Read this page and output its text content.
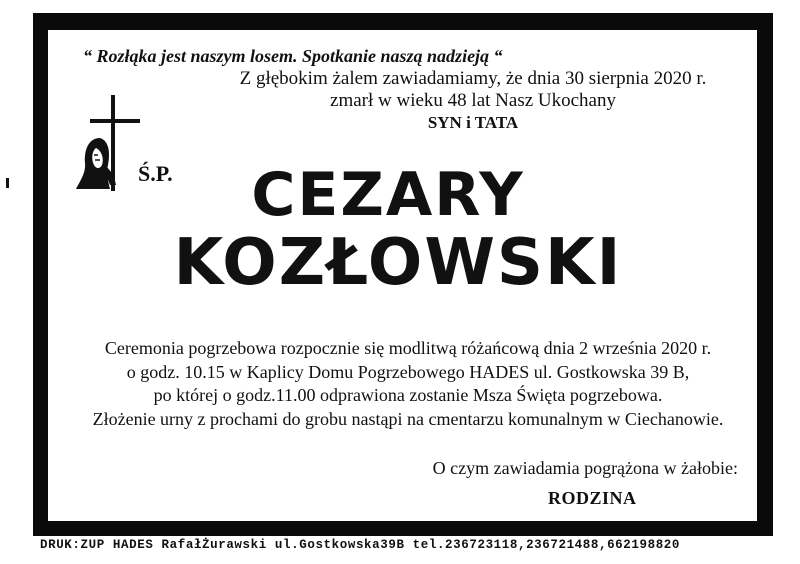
“ Rozłąka jest naszym losem. Spotkanie naszą nadzieją “
Z głębokim żalem zawiadamiamy, że dnia 30 sierpnia 2020 r.
zmarł w wieku 48 lat Nasz Ukochany
SYN i TATA
Ś.P.	CEZARY
KOZŁOWSKI
Ceremonia pogrzebowa rozpocznie się modlitwą różańcową dnia 2 września 2020 r.
o godz. 10.15 w Kaplicy Domu Pogrzebowego HADES ul. Gostkowska 39 B,
po której o godz.11.00 odprawiona zostanie Msza Święta pogrzebowa.
Złożenie urny z prochami do grobu nastąpi na cmentarzu komunalnym w Ciechanowie.
O czym zawiadamia pogrążona w żałobie:
RODZINA
DRUK:ZUP HADES RafałŻurawski ul.Gostkowska39B tel.236723118,236721488,662198820
